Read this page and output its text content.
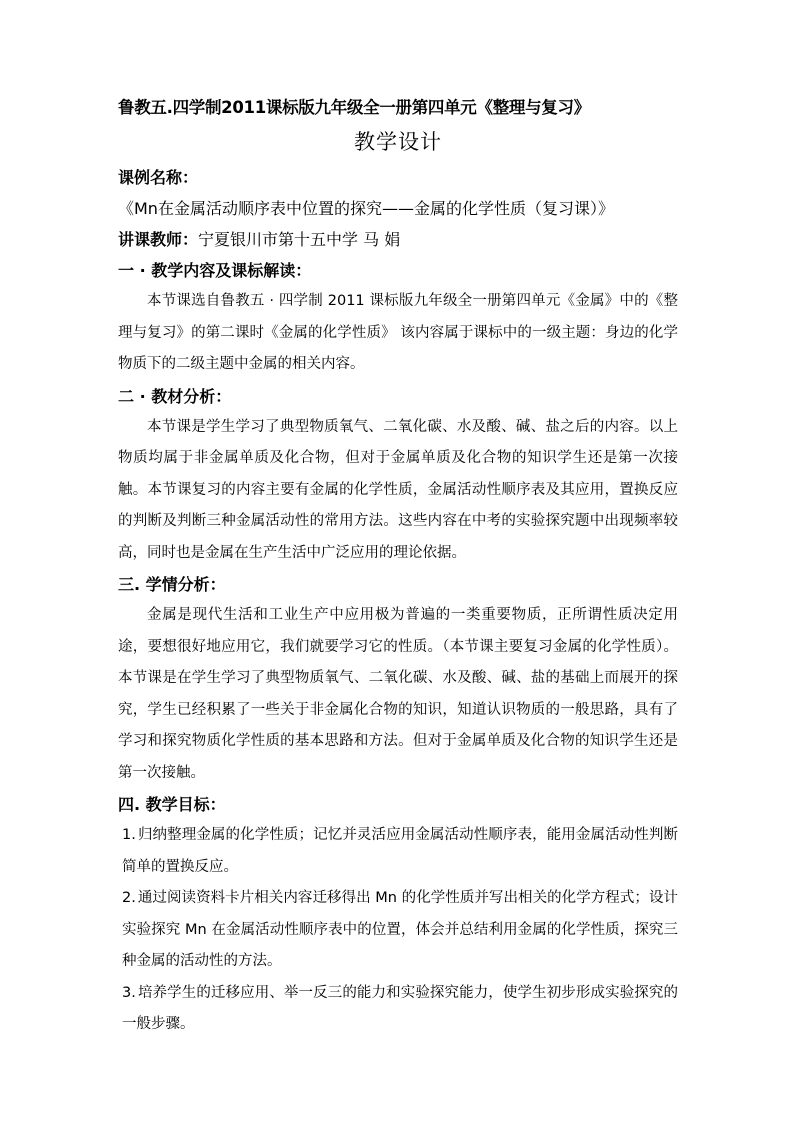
鲁教五.四学制2011课标版九年级全一册第四单元《整理与复习》

教学设计

课例名称：《Mn在金属活动顺序表中位置的探究——金属的化学性质（复习课）》

讲课教师：宁夏银川市第十五中学 马 娟

一 · 教学内容及课标解读：

本节课选自鲁教五 · 四学制 2011 课标版九年级全一册第四单元《金属》中的《整理与复习》的第二课时《金属的化学性质》 该内容属于课标中的一级主题：身边的化学物质下的二级主题中金属的相关内容。

二 · 教材分析：

本节课是学生学习了典型物质氧气、二氧化碳、水及酸、碱、盐之后的内容。以上物质均属于非金属单质及化合物，但对于金属单质及化合物的知识学生还是第一次接触。本节课复习的内容主要有金属的化学性质，金属活动性顺序表及其应用，置换反应的判断及判断三种金属活动性的常用方法。这些内容在中考的实验探究题中出现频率较高，同时也是金属在生产生活中广泛应用的理论依据。

三. 学情分析：

金属是现代生活和工业生产中应用极为普遍的一类重要物质，正所谓性质决定用途，要想很好地应用它，我们就要学习它的性质。（本节课主要复习金属的化学性质）。本节课是在学生学习了典型物质氧气、二氧化碳、水及酸、碱、盐的基础上而展开的探究，学生已经积累了一些关于非金属化合物的知识，知道认识物质的一般思路，具有了学习和探究物质化学性质的基本思路和方法。但对于金属单质及化合物的知识学生还是第一次接触。

四. 教学目标：

1. 归纳整理金属的化学性质；记忆并灵活应用金属活动性顺序表，能用金属活动性判断简单的置换反应。

2. 通过阅读资料卡片相关内容迁移得出 Mn 的化学性质并写出相关的化学方程式；设计实验探究 Mn 在金属活动性顺序表中的位置，体会并总结利用金属的化学性质，探究三种金属的活动性的方法。

3. 培养学生的迁移应用、举一反三的能力和实验探究能力，使学生初步形成实验探究的一般步骤。
